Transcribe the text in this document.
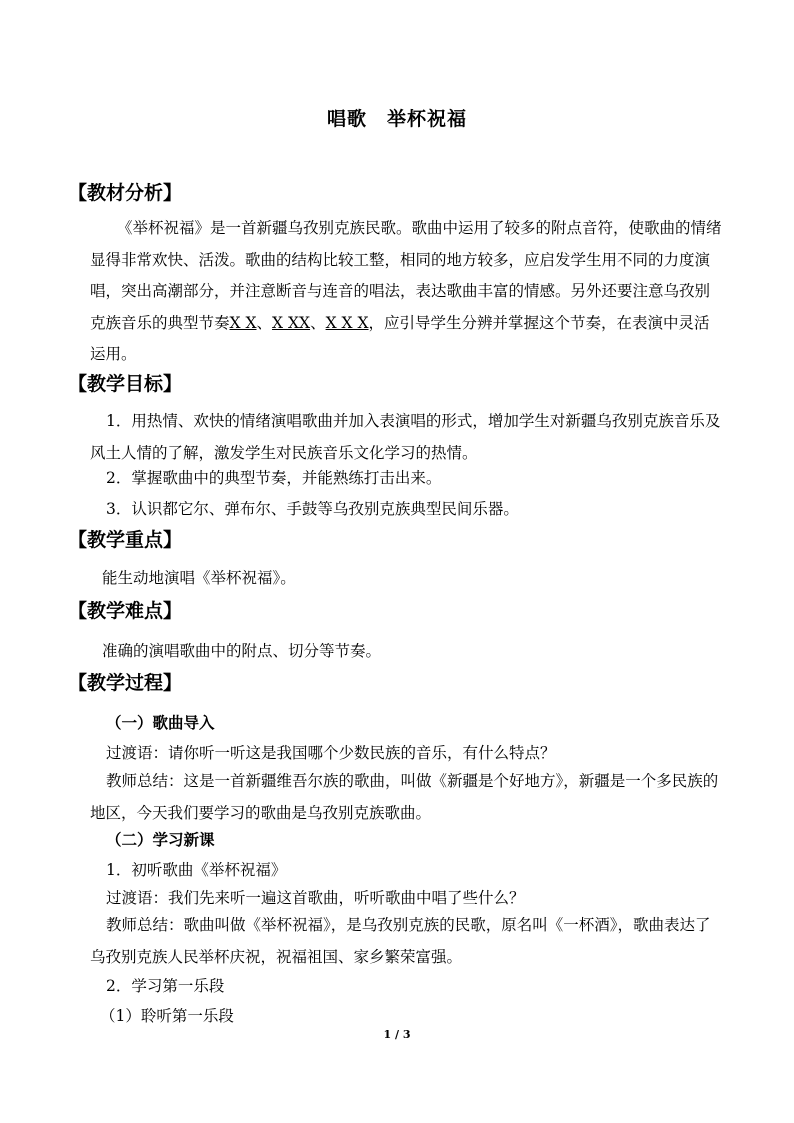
唱歌　举杯祝福
【教材分析】
《举杯祝福》是一首新疆乌孜别克族民歌。歌曲中运用了较多的附点音符，使歌曲的情绪显得非常欢快、活泼。歌曲的结构比较工整，相同的地方较多，应启发学生用不同的力度演唱，突出高潮部分，并注意断音与连音的唱法，表达歌曲丰富的情感。另外还要注意乌孜别克族音乐的典型节奏X X、X XX、X X X，应引导学生分辨并掌握这个节奏，在表演中灵活运用。
【教学目标】
1．用热情、欢快的情绪演唱歌曲并加入表演唱的形式，增加学生对新疆乌孜别克族音乐及风土人情的了解，激发学生对民族音乐文化学习的热情。
2．掌握歌曲中的典型节奏，并能熟练打击出来。
3．认识都它尔、弹布尔、手鼓等乌孜别克族典型民间乐器。
【教学重点】
能生动地演唱《举杯祝福》。
【教学难点】
准确的演唱歌曲中的附点、切分等节奏。
【教学过程】
（一）歌曲导入
过渡语：请你听一听这是我国哪个少数民族的音乐，有什么特点？
教师总结：这是一首新疆维吾尔族的歌曲，叫做《新疆是个好地方》，新疆是一个多民族的地区，今天我们要学习的歌曲是乌孜别克族歌曲。
（二）学习新课
1．初听歌曲《举杯祝福》
过渡语：我们先来听一遍这首歌曲，听听歌曲中唱了些什么？
教师总结：歌曲叫做《举杯祝福》，是乌孜别克族的民歌，原名叫《一杯酒》，歌曲表达了乌孜别克族人民举杯庆祝，祝福祖国、家乡繁荣富强。
2．学习第一乐段
（1）聆听第一乐段
1 / 3
